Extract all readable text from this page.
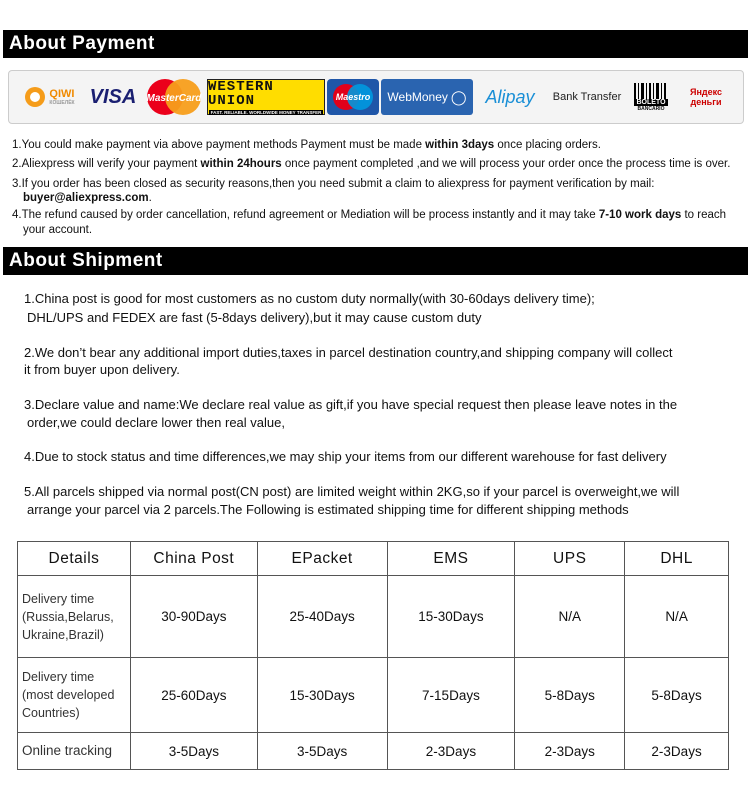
About Payment
QIWI
КОШЕЛЁК VISA	MasterCard
WESTERN UNION
FAST. RELIABLE. WORLDWIDE MONEY TRANSFER
Maestro WebMoney ◯	Alipay	Bank Transfer	BOLETO
BANCÁRIO
Яндекс деньги

1.You could make payment via above payment methods Payment must be made within 3days once placing orders.

2.Aliexpress will verify your payment within 24hours once payment completed ,and we will process your order once the process time is over.

3.If you order has been closed as security reasons,then you need submit a claim to aliexpress for payment verification by mail:

buyer@aliexpress.com.

4.The refund caused by order cancellation, refund agreement or Mediation will be process instantly and it may take 7-10 work days to reach

your account.

About Shipment

1.China post is good for most customers as no custom duty normally(with 30-60days delivery time);

DHL/UPS and FEDEX are fast (5-8days delivery),but it may cause custom duty

2.We don’t bear any additional import duties,taxes in parcel destination country,and shipping company will collect

it from buyer upon delivery.

3.Declare value and name:We declare real value as gift,if you have special request then please leave notes in the

order,we could declare lower then real value,

4.Due to stock status and time differences,we may ship your items from our different warehouse for fast delivery

5.All parcels shipped via normal post(CN post) are limited weight within 2KG,so if your parcel is overweight,we will

arrange your parcel via 2 parcels.The Following is estimated shipping time for different shipping methods

Details	China Post	EPacket	EMS	UPS	DHL

Delivery time
(Russia,Belarus,
Ukraine,Brazil)	30-90Days	25-40Days	15-30Days	N/A	N/A

Delivery time
(most developed
Countries)	25-60Days	15-30Days	7-15Days	5-8Days	5-8Days
Online tracking	3-5Days	3-5Days	2-3Days	2-3Days	2-3Days
